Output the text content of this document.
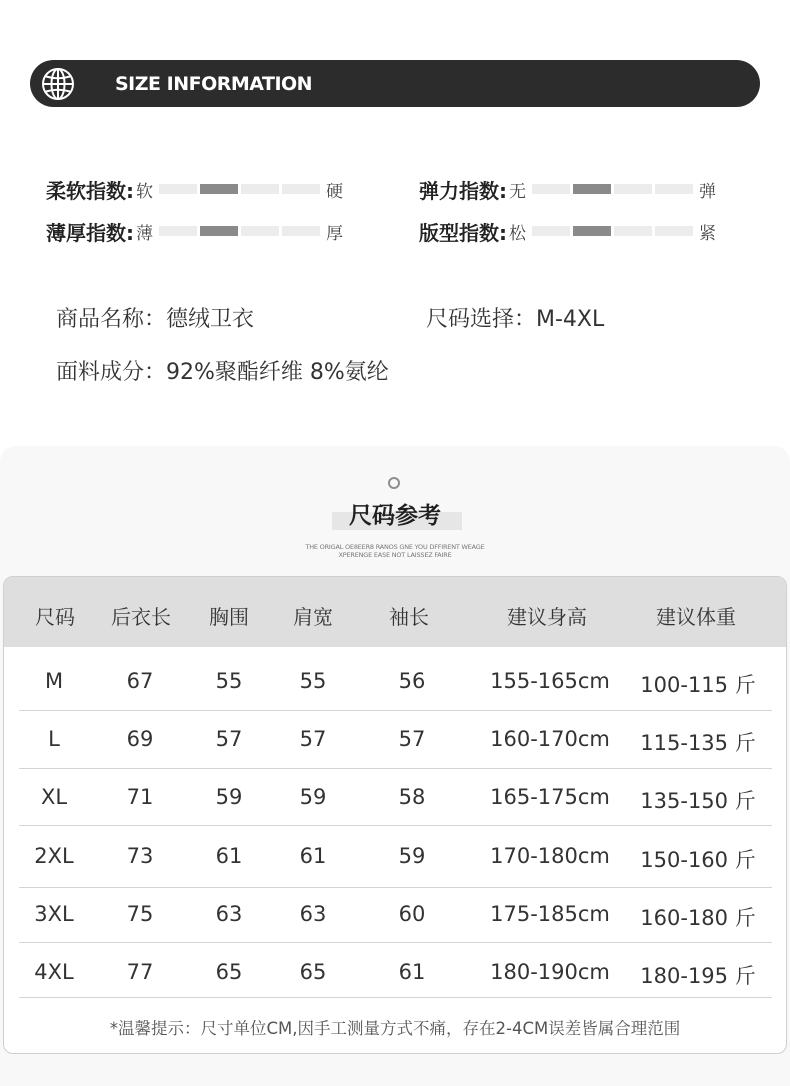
SIZE INFORMATION
柔软指数: 软	硬	弹力指数: 无	弹
薄厚指数: 薄	厚	版型指数: 松	紧
商品名称：德绒卫衣	尺码选择：M-4XL
面料成分：92%聚酯纤维 8%氨纶
尺码参考
THE ORIGAL OE8EER8 RANOS GNE YOU DFFIRENT WEAGE
XPERENGE EASE NOT LAISSEZ FAIRE
尺码 后衣长 胸围 肩宽	袖长	建议身高	建议体重
M	67	55	55	56	155-165cm 100-115 斤
L	69	57	57	57	160-170cm 115-135 斤
XL	71	59	59	58	165-175cm 135-150 斤
2XL	73	61	61	59	170-180cm 150-160 斤
3XL	75	63	63	60	175-185cm 160-180 斤
4XL	77	65	65	61	180-190cm 180-195 斤
*温馨提示：尺寸单位CM,因手工测量方式不痛，存在2-4CM误差皆属合理范围
